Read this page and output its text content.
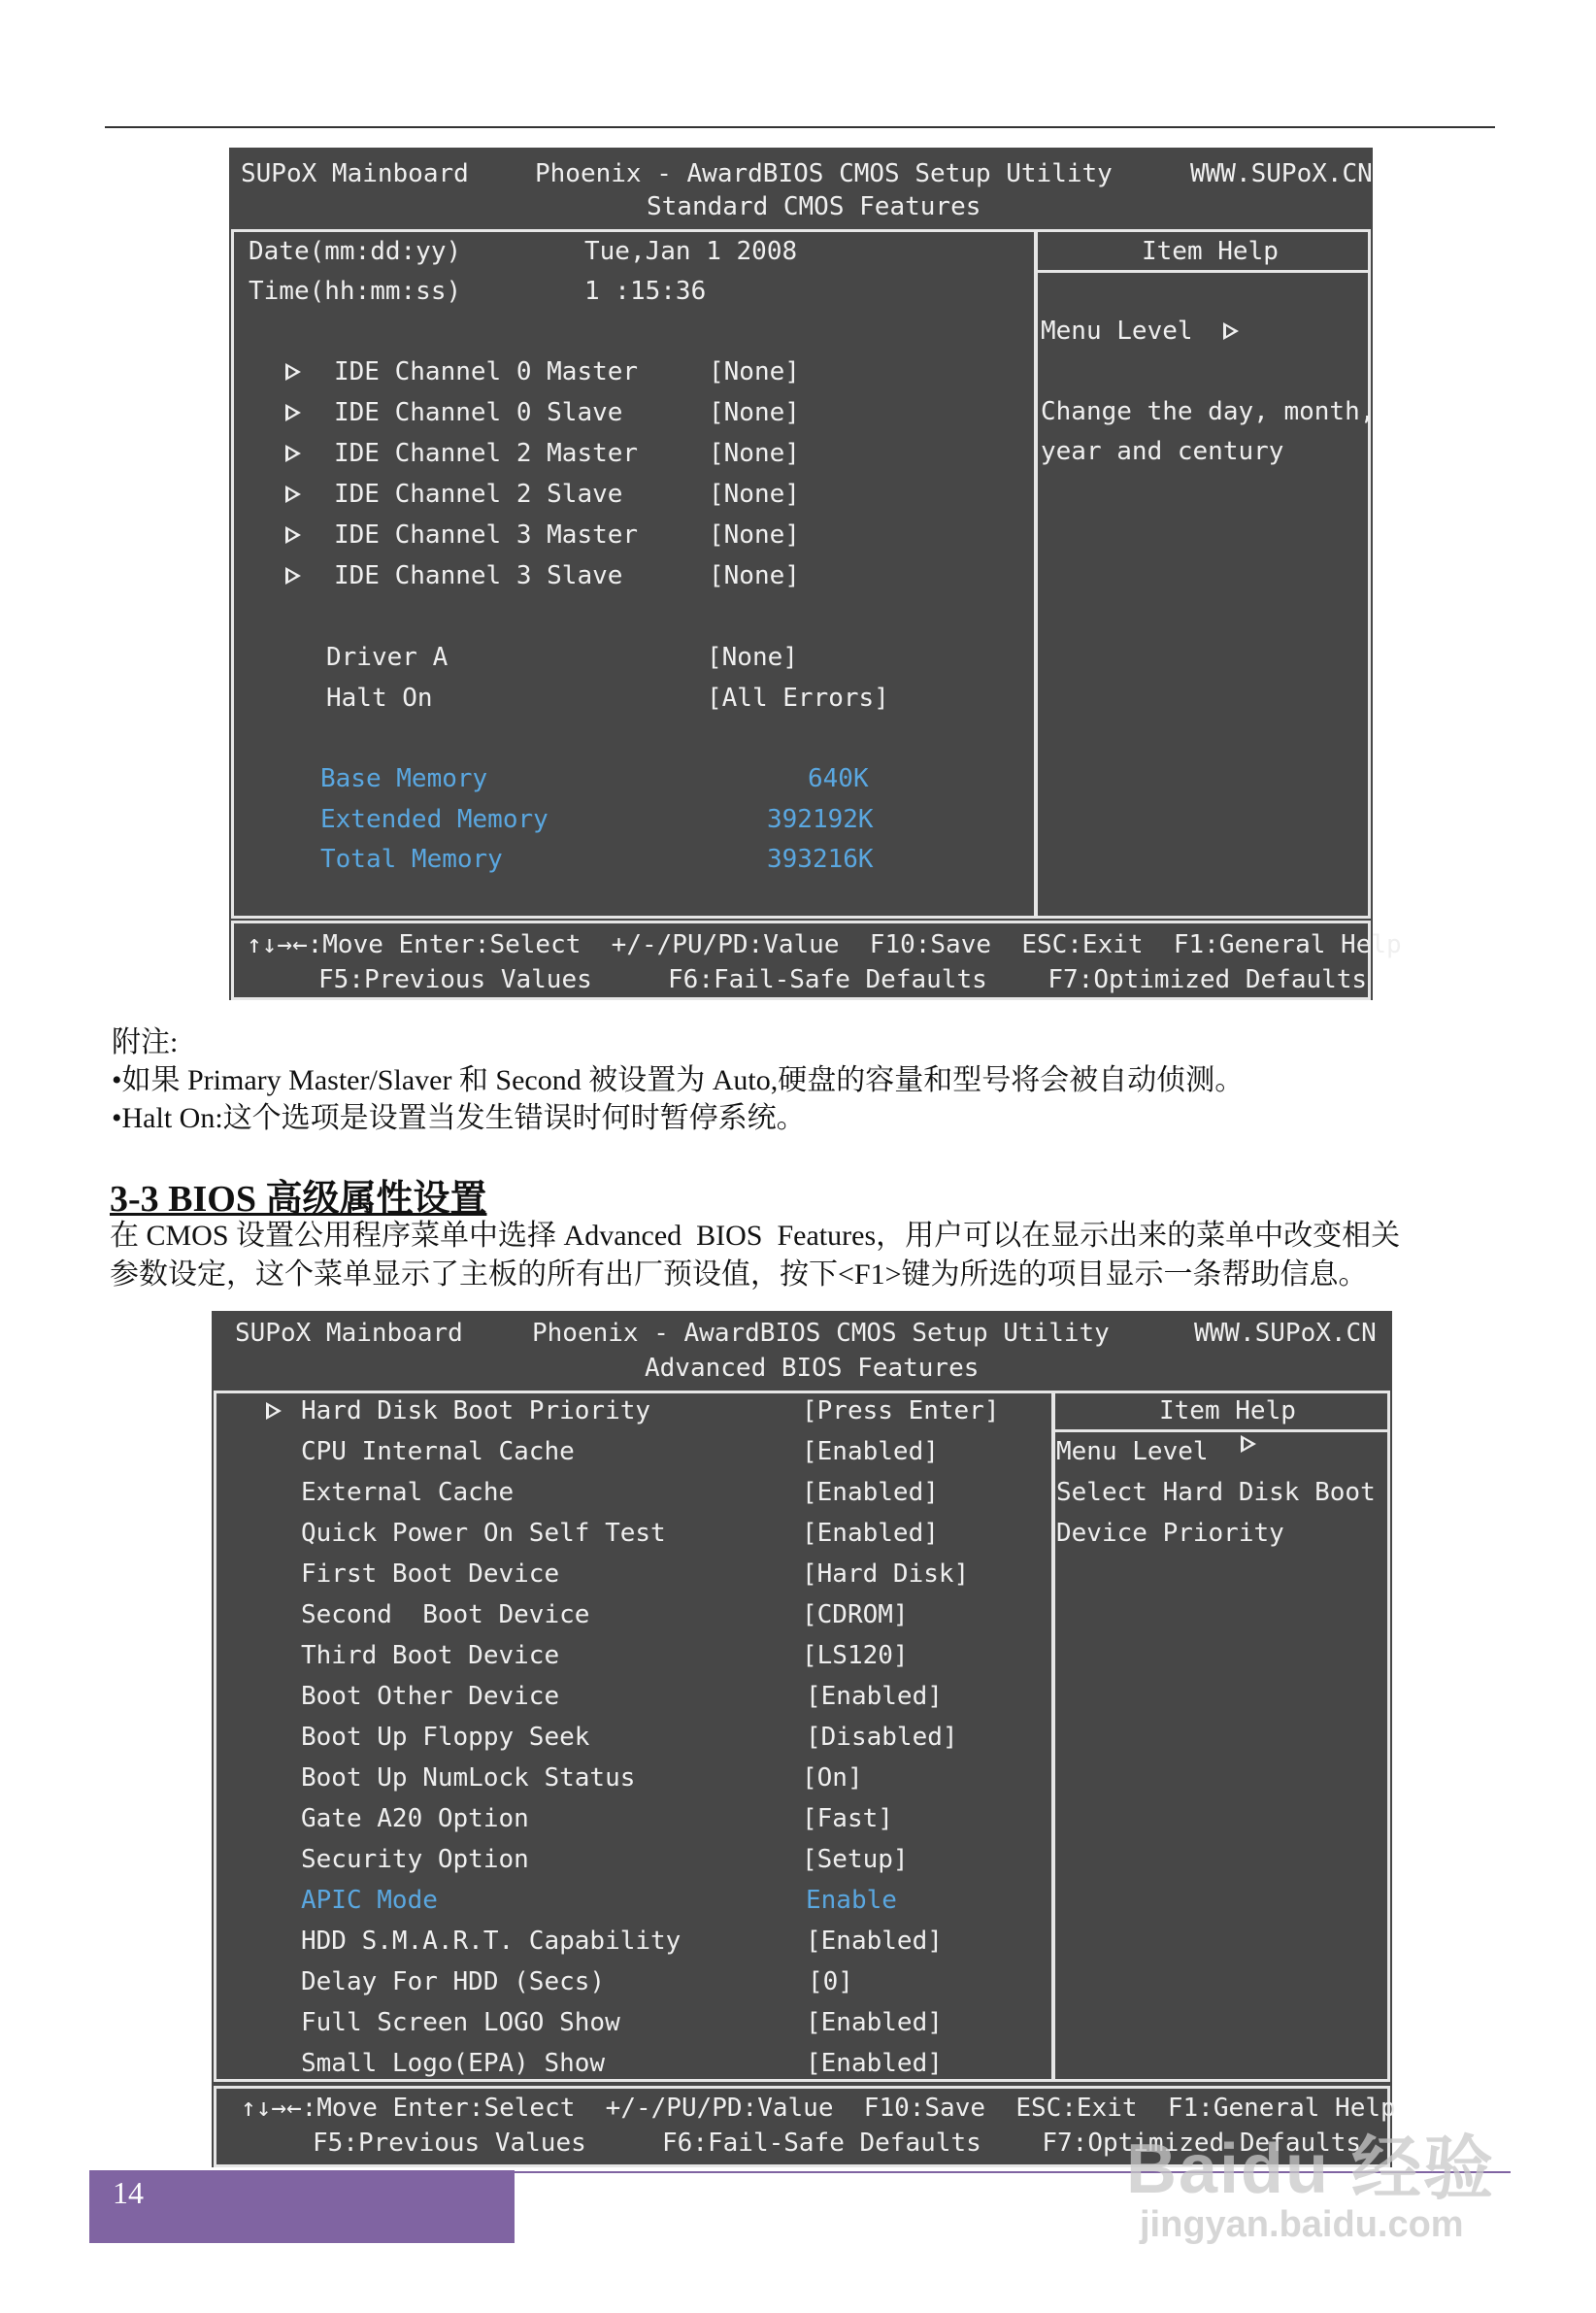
SUPoX Mainboard	Phoenix - AwardBIOS CMOS Setup Utility	WWW.SUPoX.CN
Standard CMOS Features
Date(mm:dd:yy)	Tue,Jan 1 2008
Time(hh:mm:ss)	1 :15:36
IDE Channel 0 Master	[None]
IDE Channel 0 Slave	[None]
IDE Channel 2 Master	[None]
IDE Channel 2 Slave	[None]
IDE Channel 3 Master	[None]
IDE Channel 3 Slave	[None]
Driver A	[None]
Halt On	[All Errors]
Base Memory	640K
Extended Memory	392192K
Total Memory	393216K
Item Help
Menu Level
Change the day, month,
year and century
↑↓→←:Move Enter:Select  +/-/PU/PD:Value  F10:Save  ESC:Exit  F1:General Help
F5:Previous Values     F6:Fail-Safe Defaults    F7:Optimized Defaults
附注:
•如果 Primary Master/Slaver 和 Second 被设置为 Auto,硬盘的容量和型号将会被自动侦测。
•Halt On:这个选项是设置当发生错误时何时暂停系统。
3-3 BIOS 高级属性设置
在 CMOS 设置公用程序菜单中选择 Advanced  BIOS  Features，用户可以在显示出来的菜单中改变相关
参数设定，这个菜单显示了主板的所有出厂预设值，按下<F1>键为所选的项目显示一条帮助信息。
SUPoX Mainboard	Phoenix - AwardBIOS CMOS Setup Utility	WWW.SUPoX.CN
Advanced BIOS Features
Hard Disk Boot Priority	[Press Enter]
CPU Internal Cache	[Enabled]
External Cache	[Enabled]
Quick Power On Self Test	[Enabled]
First Boot Device	[Hard Disk]
Second  Boot Device	[CDROM]
Third Boot Device	[LS120]
Boot Other Device	[Enabled]
Boot Up Floppy Seek	[Disabled]
Boot Up NumLock Status	[On]
Gate A20 Option	[Fast]
Security Option	[Setup]
APIC Mode	Enable
HDD S.M.A.R.T. Capability	[Enabled]
Delay For HDD (Secs)	[0]
Full Screen LOGO Show	[Enabled]
Small Logo(EPA) Show	[Enabled]
Item Help
Menu Level
Select Hard Disk Boot
Device Priority
↑↓→←:Move Enter:Select  +/-/PU/PD:Value  F10:Save  ESC:Exit  F1:General Help
F5:Previous Values     F6:Fail-Safe Defaults    F7:Optimized Defaults
14	Baidu 经验
jingyan.baidu.com
